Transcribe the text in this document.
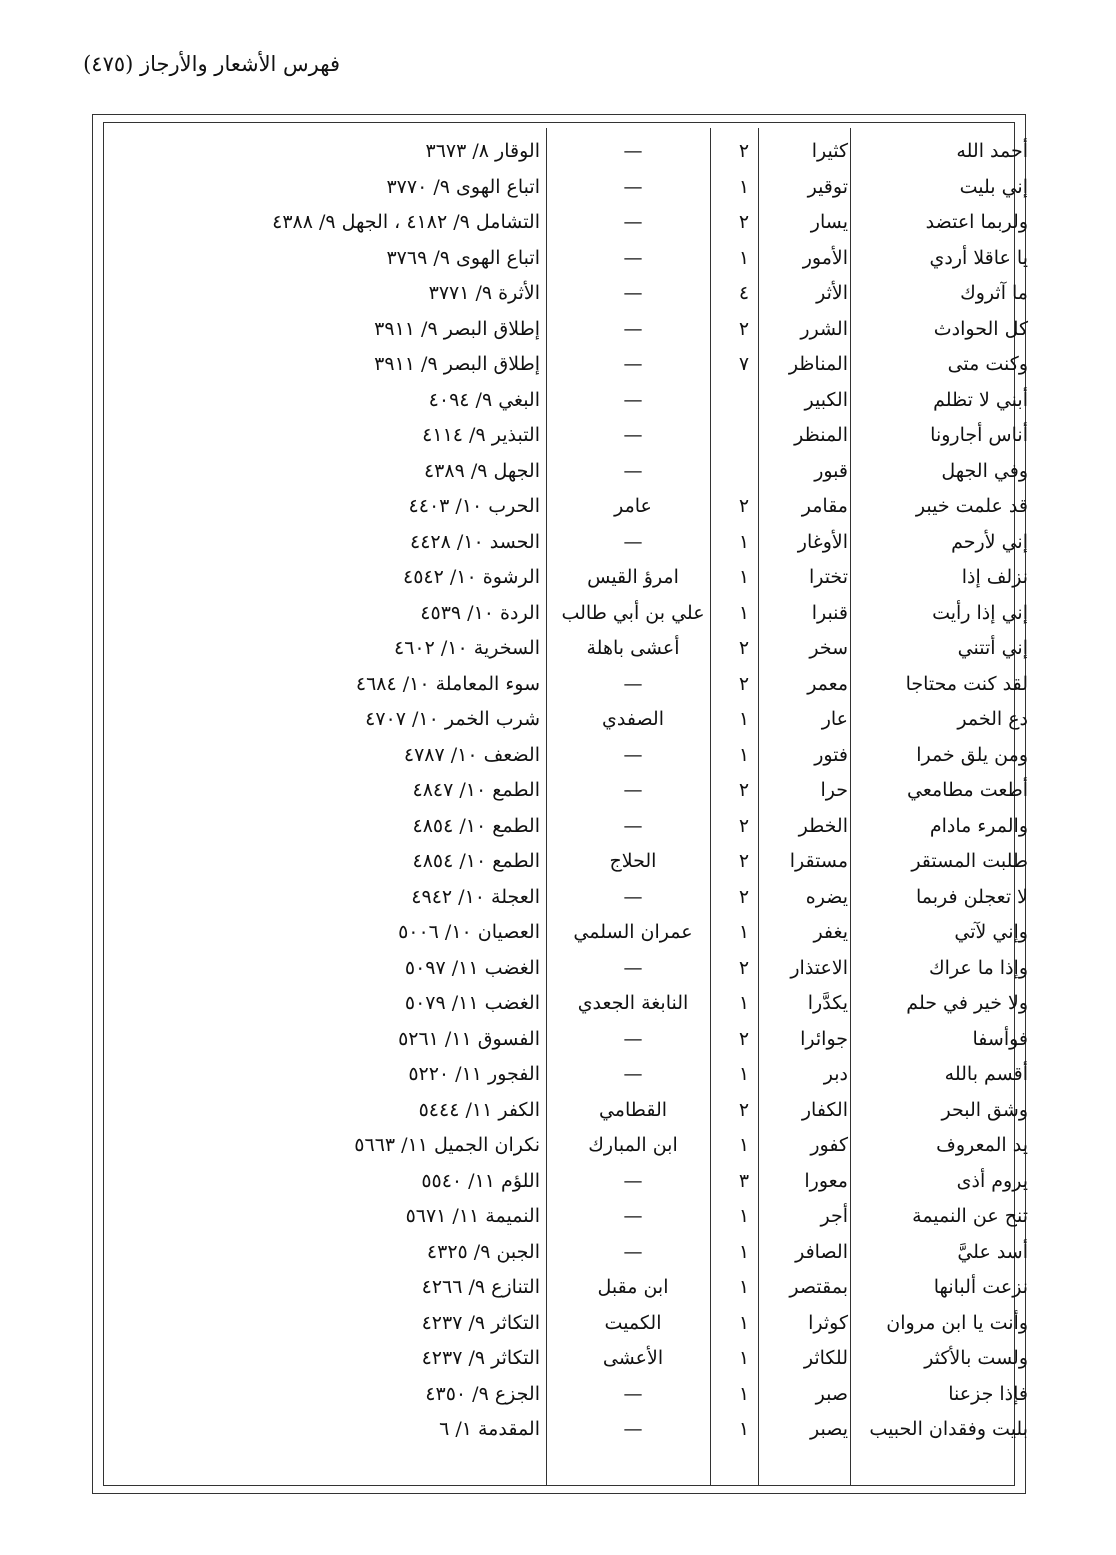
فهرس الأشعار والأرجاز (٤٧٥)
أحمد الله
كثيرا
٢
—
الوقار ٨/ ٣٦٧٣
إني بليت
توقير
١
—
اتباع الهوى ٩/ ٣٧٧٠
ولربما اعتضد
يسار
٢
—
التشامل ٩/ ٤١٨٢ ، الجهل ٩/ ٤٣٨٨
يا عاقلا أردي
الأمور
١
—
اتباع الهوى ٩/ ٣٧٦٩
ما آثروك
الأثر
٤
—
الأثرة ٩/ ٣٧٧١
كل الحوادث
الشرر
٢
—
إطلاق البصر ٩/ ٣٩١١
وكنت متى
المناظر
٧
—
إطلاق البصر ٩/ ٣٩١١
أبني لا تظلم
الكبير
—
البغي ٩/ ٤٠٩٤
أناس أجارونا
المنظر
—
التبذير ٩/ ٤١١٤
وفي الجهل
قبور
—
الجهل ٩/ ٤٣٨٩
قد علمت خيبر
مقامر
٢
عامر
الحرب ١٠/ ٤٤٠٣
إني لأرحم
الأوغار
١
—
الحسد ١٠/ ٤٤٢٨
نزلف إذا
تخترا
١
امرؤ القيس
الرشوة ١٠/ ٤٥٤٢
إني إذا رأيت
قنبرا
١
علي بن أبي طالب
الردة ١٠/ ٤٥٣٩
إني أتتني
سخر
٢
أعشى باهلة
السخرية ١٠/ ٤٦٠٢
لقد كنت محتاجا
معمر
٢
—
سوء المعاملة ١٠/ ٤٦٨٤
دع الخمر
عار
١
الصفدي
شرب الخمر ١٠/ ٤٧٠٧
ومن يلق خمرا
فتور
١
—
الضعف ١٠/ ٤٧٨٧
أطعت مطامعي
حرا
٢
—
الطمع ١٠/ ٤٨٤٧
والمرء مادام
الخطر
٢
—
الطمع ١٠/ ٤٨٥٤
طلبت المستقر
مستقرا
٢
الحلاج
الطمع ١٠/ ٤٨٥٤
لا تعجلن فربما
يضره
٢
—
العجلة ١٠/ ٤٩٤٢
وإني لآتي
يغفر
١
عمران السلمي
العصيان ١٠/ ٥٠٠٦
وإذا ما عراك
الاعتذار
٢
—
الغضب ١١/ ٥٠٩٧
ولا خير في حلم
يكدَّرا
١
النابغة الجعدي
الغضب ١١/ ٥٠٧٩
فوأسفا
جوائرا
٢
—
الفسوق ١١/ ٥٢٦١
أقسم بالله
دبر
١
—
الفجور ١١/ ٥٢٢٠
وشق البحر
الكفار
٢
القطامي
الكفر ١١/ ٥٤٤٤
يد المعروف
كفور
١
ابن المبارك
نكران الجميل ١١/ ٥٦٦٣
يروم أذى
معورا
٣
—
اللؤم ١١/ ٥٥٤٠
تنح عن النميمة
أجر
١
—
النميمة ١١/ ٥٦٧١
أسد عليَّ
الصافر
١
—
الجبن ٩/ ٤٣٢٥
نزعت ألبانها
بمقتصر
١
ابن مقبل
التنازع ٩/ ٤٢٦٦
وأنت يا ابن مروان
كوثرا
١
الكميت
التكاثر ٩/ ٤٢٣٧
ولست بالأكثر
للكاثر
١
الأعشى
التكاثر ٩/ ٤٢٣٧
فإذا جزعنا
صبر
١
—
الجزع ٩/ ٤٣٥٠
بليت وفقدان الحبيب
يصبر
١
—
المقدمة ١/ ٦
